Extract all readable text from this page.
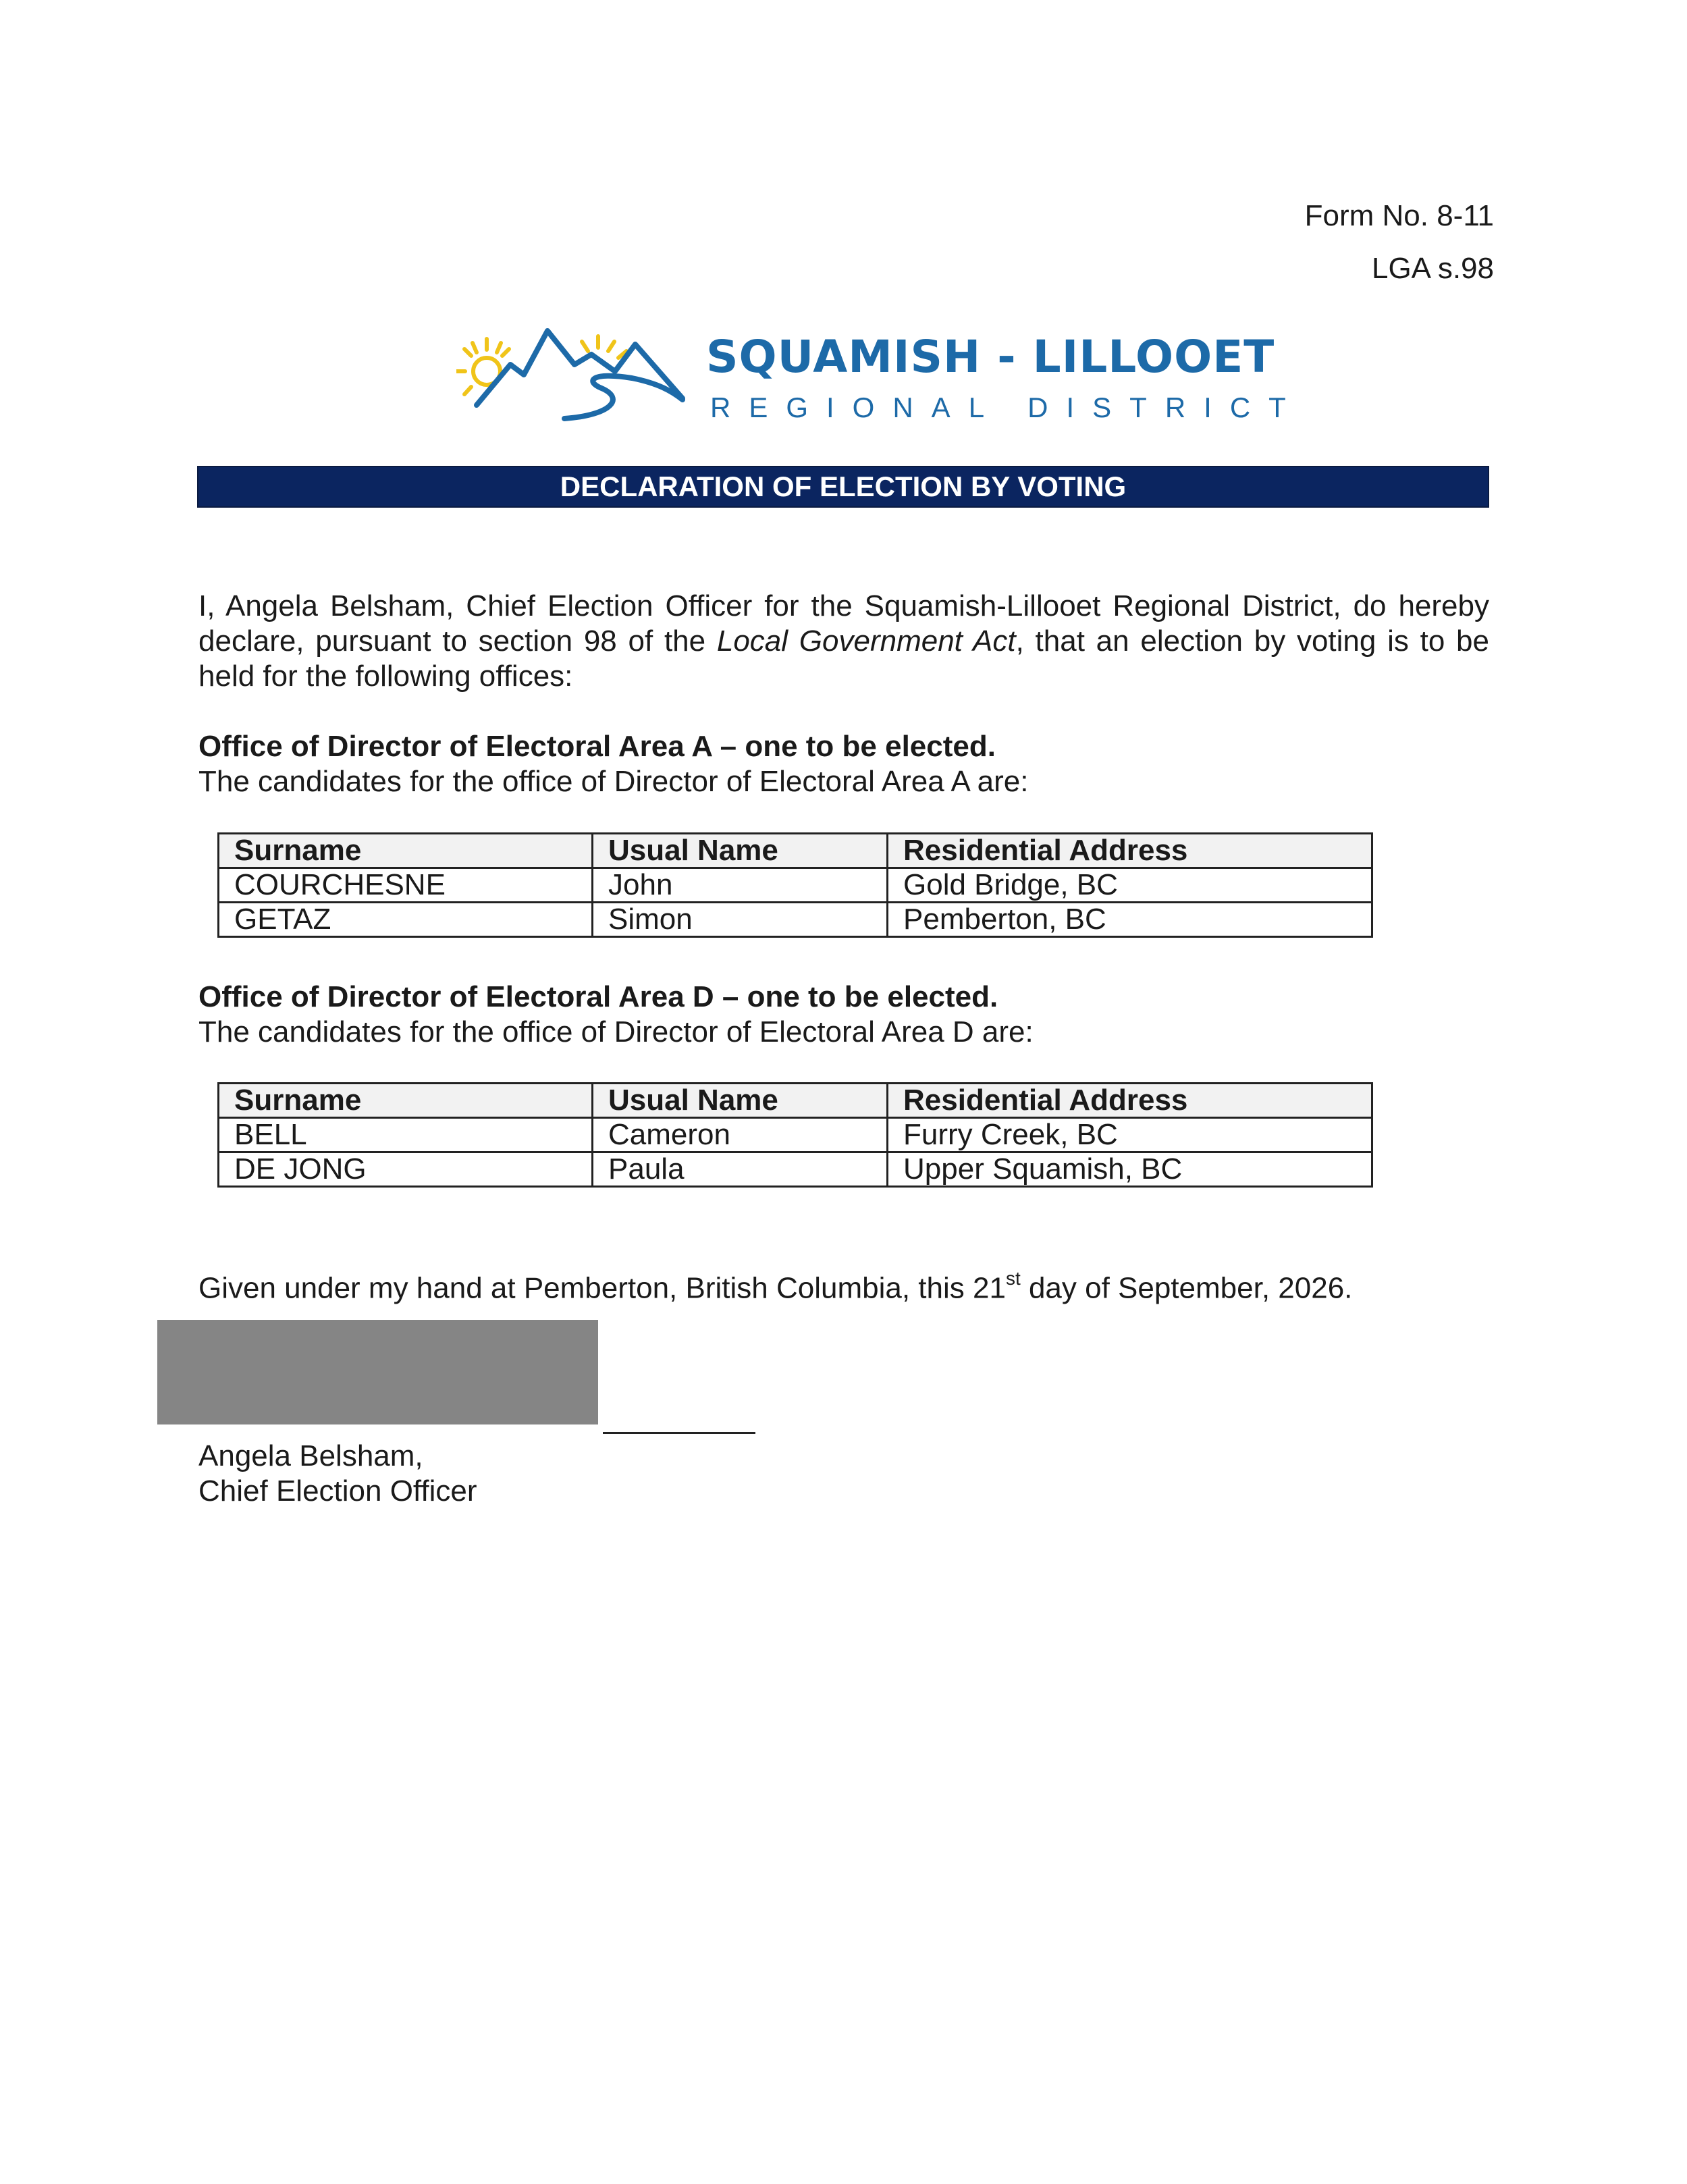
Form No. 8-11
LGA s.98
SQUAMISH - LILLOOET
REGIONAL DISTRICT
DECLARATION OF ELECTION BY VOTING
I, Angela Belsham, Chief Election Officer for the Squamish-Lillooet Regional District, do hereby declare, pursuant to section 98 of the Local Government Act, that an election by voting is to be held for the following offices:
Office of Director of Electoral Area A – one to be elected.
The candidates for the office of Director of Electoral Area A are:
Surname	Usual Name	Residential Address
COURCHESNE	John	Gold Bridge, BC
GETAZ	Simon	Pemberton, BC
Office of Director of Electoral Area D – one to be elected.
The candidates for the office of Director of Electoral Area D are:
Surname	Usual Name	Residential Address
BELL	Cameron	Furry Creek, BC
DE JONG	Paula	Upper Squamish, BC
Given under my hand at Pemberton, British Columbia, this 21st day of September, 2026.
Angela Belsham,
Chief Election Officer
